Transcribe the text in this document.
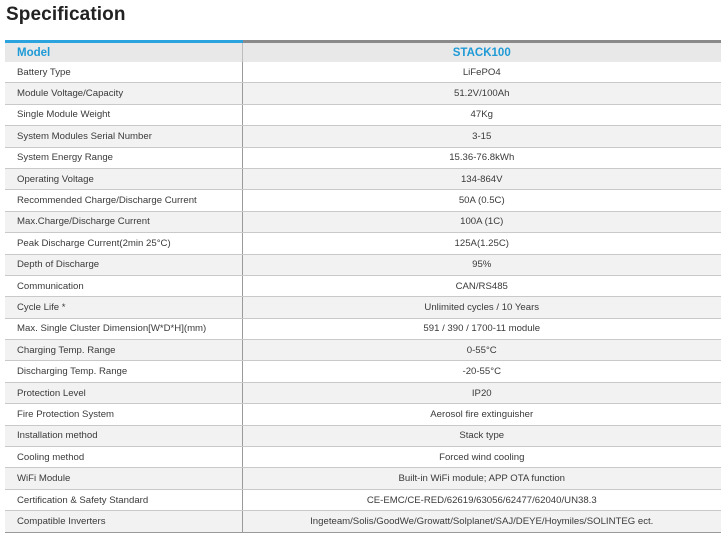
Specification
Model	STACK100
Battery Type	LiFePO4
Module Voltage/Capacity	51.2V/100Ah
Single Module Weight	47Kg
System Modules Serial Number	3-15
System Energy Range	15.36-76.8kWh
Operating Voltage	134-864V
Recommended Charge/Discharge Current	50A (0.5C)
Max.Charge/Discharge Current	100A (1C)
Peak Discharge Current(2min 25°C)	125A(1.25C)
Depth of Discharge	95%
Communication	CAN/RS485
Cycle Life *	Unlimited cycles / 10 Years
Max. Single Cluster Dimension[W*D*H](mm)	591 / 390 / 1700-11 module
Charging Temp. Range	0-55°C
Discharging Temp. Range	-20-55°C
Protection Level	IP20
Fire Protection System	Aerosol fire extinguisher
Installation method	Stack type
Cooling method	Forced wind cooling
WiFi Module	Built-in WiFi module; APP OTA function
Certification & Safety Standard	CE-EMC/CE-RED/62619/63056/62477/62040/UN38.3
Compatible Inverters	Ingeteam/Solis/GoodWe/Growatt/Solplanet/SAJ/DEYE/Hoymiles/SOLINTEG ect.
